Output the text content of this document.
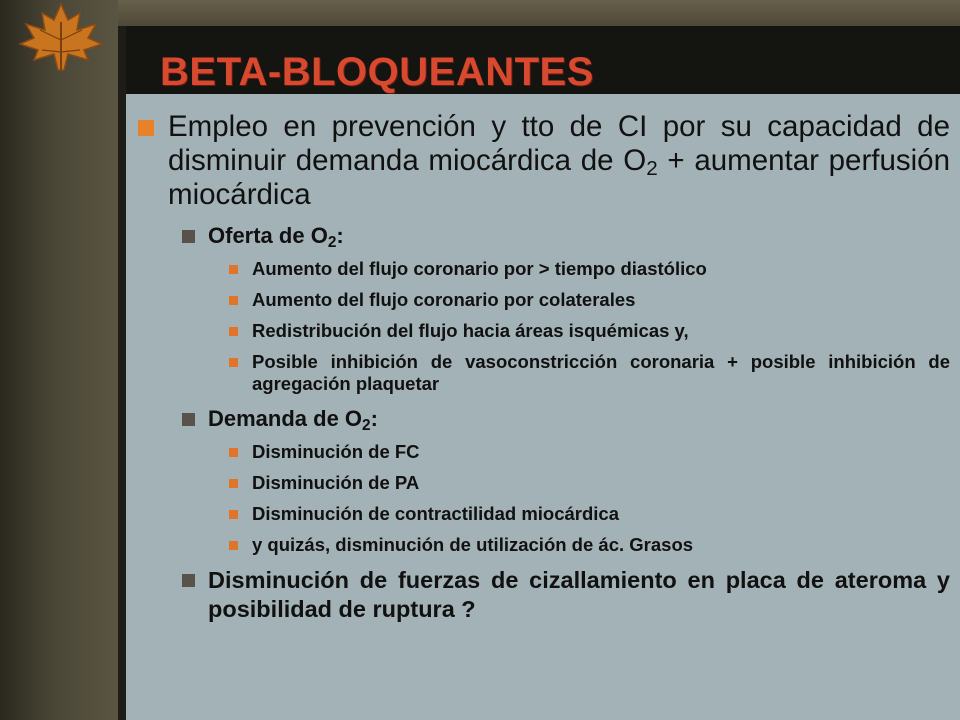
BETA-BLOQUEANTES
Empleo en prevención y tto de CI por su capacidad de disminuir demanda miocárdica de $O_2$ + aumentar perfusión miocárdica
Oferta de $O_2$:
Aumento del flujo coronario por > tiempo diastólico
Aumento del flujo coronario por colaterales
Redistribución del flujo hacia áreas isquémicas y,
Posible inhibición de vasoconstricción coronaria + posible inhibición de agregación plaquetar
Demanda de $O_2$:
Disminución de FC
Disminución de PA
Disminución de contractilidad miocárdica
y quizás, disminución de utilización de ác. Grasos
Disminución de fuerzas de cizallamiento en placa de ateroma y posibilidad de ruptura ?
